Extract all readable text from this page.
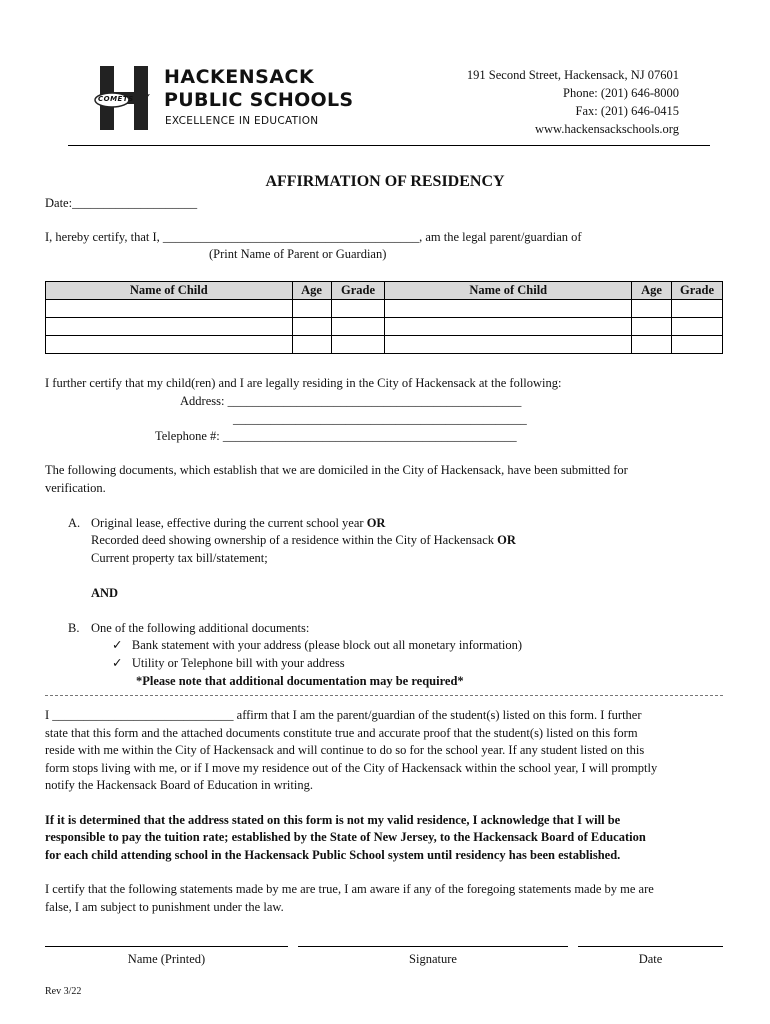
COMETS
HACKENSACK
PUBLIC SCHOOLS
EXCELLENCE IN EDUCATION
191 Second Street, Hackensack, NJ 07601
Phone: (201) 646-8000
Fax: (201) 646-0415
www.hackensackschools.org
AFFIRMATION OF RESIDENCY
Date:____________________
I, hereby certify, that I, _________________________________________, am the legal parent/guardian of
(Print Name of Parent or Guardian)
Name of Child	Age	Grade	Name of Child	Age	Grade

I further certify that my child(ren) and I are legally residing in the City of Hackensack at the following:
Address: _______________________________________________
_______________________________________________
Telephone #: _______________________________________________
The following documents, which establish that we are domiciled in the City of Hackensack, have been submitted for
verification.
A. Original lease, effective during the current school year OR
Recorded deed showing ownership of a residence within the City of Hackensack OR
Current property tax bill/statement;
AND
B. One of the following additional documents:
✓ Bank statement with your address (please block out all monetary information)
✓ Utility or Telephone bill with your address
*Please note that additional documentation may be required*
I _____________________________ affirm that I am the parent/guardian of the student(s) listed on this form. I further
state that this form and the attached documents constitute true and accurate proof that the student(s) listed on this form
reside with me within the City of Hackensack and will continue to do so for the school year. If any student listed on this
form stops living with me, or if I move my residence out of the City of Hackensack within the school year, I will promptly
notify the Hackensack Board of Education in writing.
If it is determined that the address stated on this form is not my valid residence, I acknowledge that I will be
responsible to pay the tuition rate; established by the State of New Jersey, to the Hackensack Board of Education
for each child attending school in the Hackensack Public School system until residency has been established.
I certify that the following statements made by me are true, I am aware if any of the foregoing statements made by me are
false, I am subject to punishment under the law.
Name (Printed)	Signature	Date
Rev 3/22
